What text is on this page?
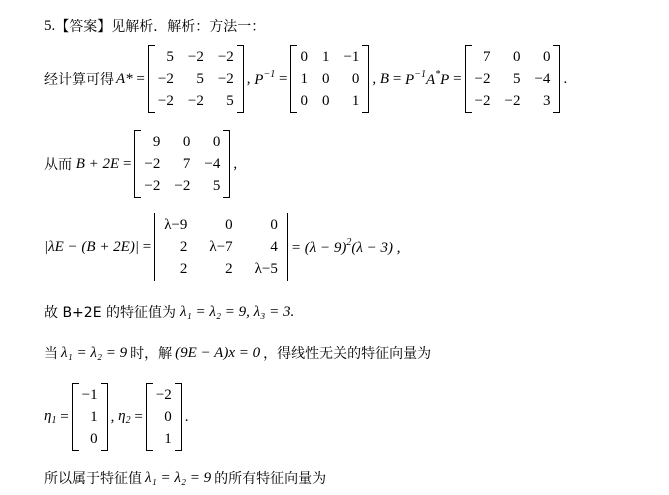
5. 【答案】 见解析．解析：方法一：
经计算可得 A* =
5 −2 −2
−2	5 −2
−2 −2	5
, $P^{-1}$ =
0 1 −1
1 0	0
0 0	1
, $B = P^{-1}A^*P$ =
7	0	0
−2	5 −4
−2 −2	3
.
从而 B + 2E =
9	0	0
−2	7 −4
−2 −2	5
,
|λE − (B + 2E)| =
λ−9	0	0
2 λ−7	4
2	2 λ−5
= $(\lambda - 9)^2(\lambda - 3)$ ,
故 B+2E 的特征值为 λ₁ = λ₂ = 9, λ₃ = 3.
当 λ₁ = λ₂ = 9 时，解 (9E − A)x = 0 ，得线性无关的特征向量为
$\eta_1$ =
−1
1
0
, $\eta_2$ =
−2
0
1
.
所以属于特征值 λ₁ = λ₂ = 9 的所有特征向量为
